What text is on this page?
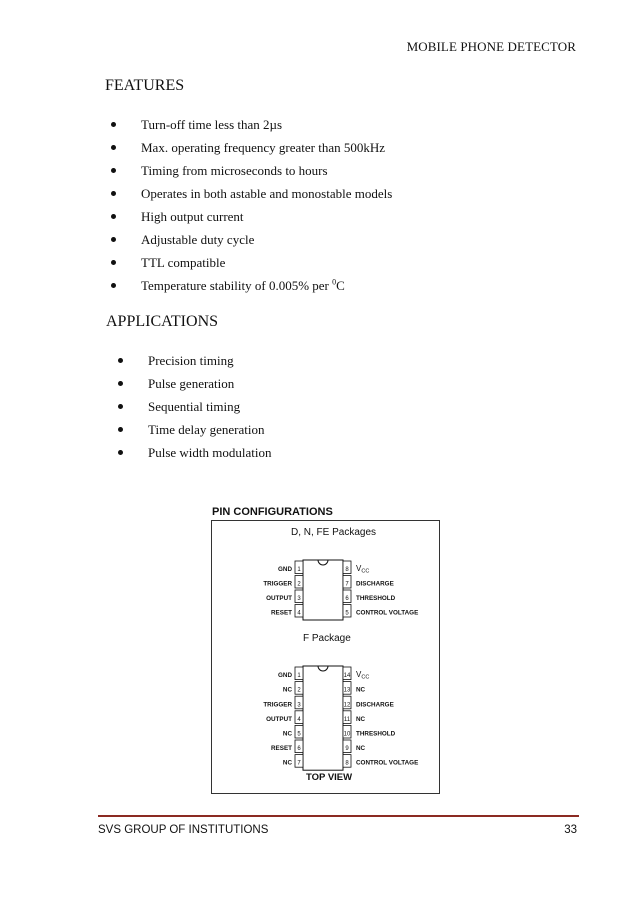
MOBILE PHONE DETECTOR
FEATURES
Turn-off time less than 2µs
Max. operating frequency greater than 500kHz
Timing from microseconds to hours
Operates in both astable and monostable models
High output current
Adjustable duty cycle
TTL compatible
Temperature stability of 0.005% per $^0$C
APPLICATIONS
Precision timing
Pulse generation
Sequential timing
Time delay generation
Pulse width modulation
PIN CONFIGURATIONS
D, N, FE Packages
F Package
TOP VIEW
1
GND
2
TRIGGER
3
OUTPUT
4
RESET
8 VCC
7 DISCHARGE
6 THRESHOLD
5 CONTROL VOLTAGE
1
GND
2
NC
3
TRIGGER
4
OUTPUT
5
NC
6
RESET
7
NC
14 VCC
13 NC
12 DISCHARGE
11 NC
10 THRESHOLD
9 NC
8 CONTROL VOLTAGE
SVS GROUP OF INSTITUTIONS	33
